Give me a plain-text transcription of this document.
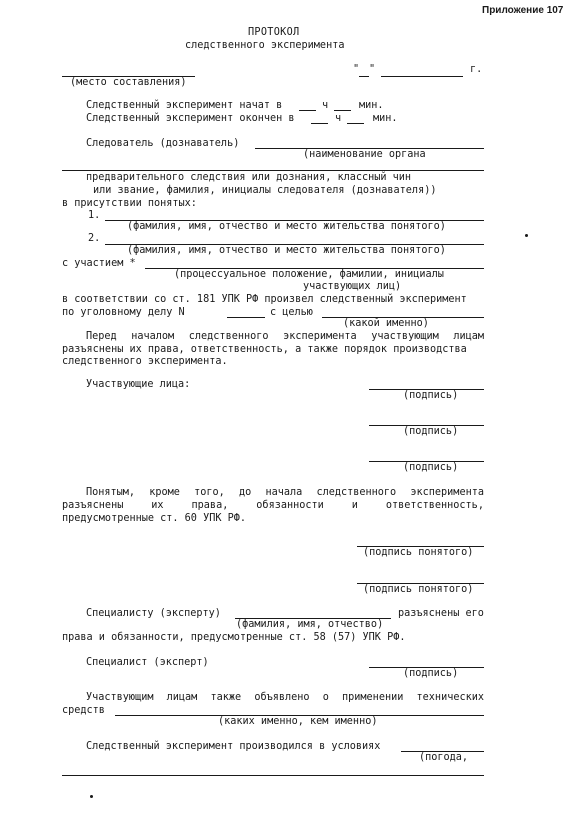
Приложение 107
ПРОТОКОЛ
следственного эксперимента
(место составления)
" "	г.
Следственный эксперимент начат в	ч	мин.
Следственный эксперимент окончен в	ч	мин.
Следователь (дознаватель)
(наименование органа
предварительного следствия или дознания, классный чин
или звание, фамилия, инициалы следователя (дознавателя))
в присутствии понятых:
1.
(фамилия, имя, отчество и место жительства понятого)
2.
(фамилия, имя, отчество и место жительства понятого)
с участием *
(процессуальное положение, фамилии, инициалы
участвующих лиц)
в соответствии со ст. 181 УПК РФ произвел следственный эксперимент
по уголовному делу N	с целью
(какой именно)
Перед началом следственного эксперимента участвующим лицам
разъяснены их права, ответственность, а также порядок производства
следственного эксперимента.
Участвующие лица:
(подпись)
(подпись)
(подпись)
Понятым, кроме того, до начала следственного эксперимента
разъяснены	их	права,	обязанности	и	ответственность,
предусмотренные ст. 60 УПК РФ.
(подпись понятого)
(подпись понятого)
Специалисту (эксперту)	разъяснены его
(фамилия, имя, отчество)
права и обязанности, предусмотренные ст. 58 (57) УПК РФ.
Специалист (эксперт)
(подпись)
Участвующим лицам также объявлено о применении технических
средств
(каких именно, кем именно)
Следственный эксперимент производился в условиях
(погода,
